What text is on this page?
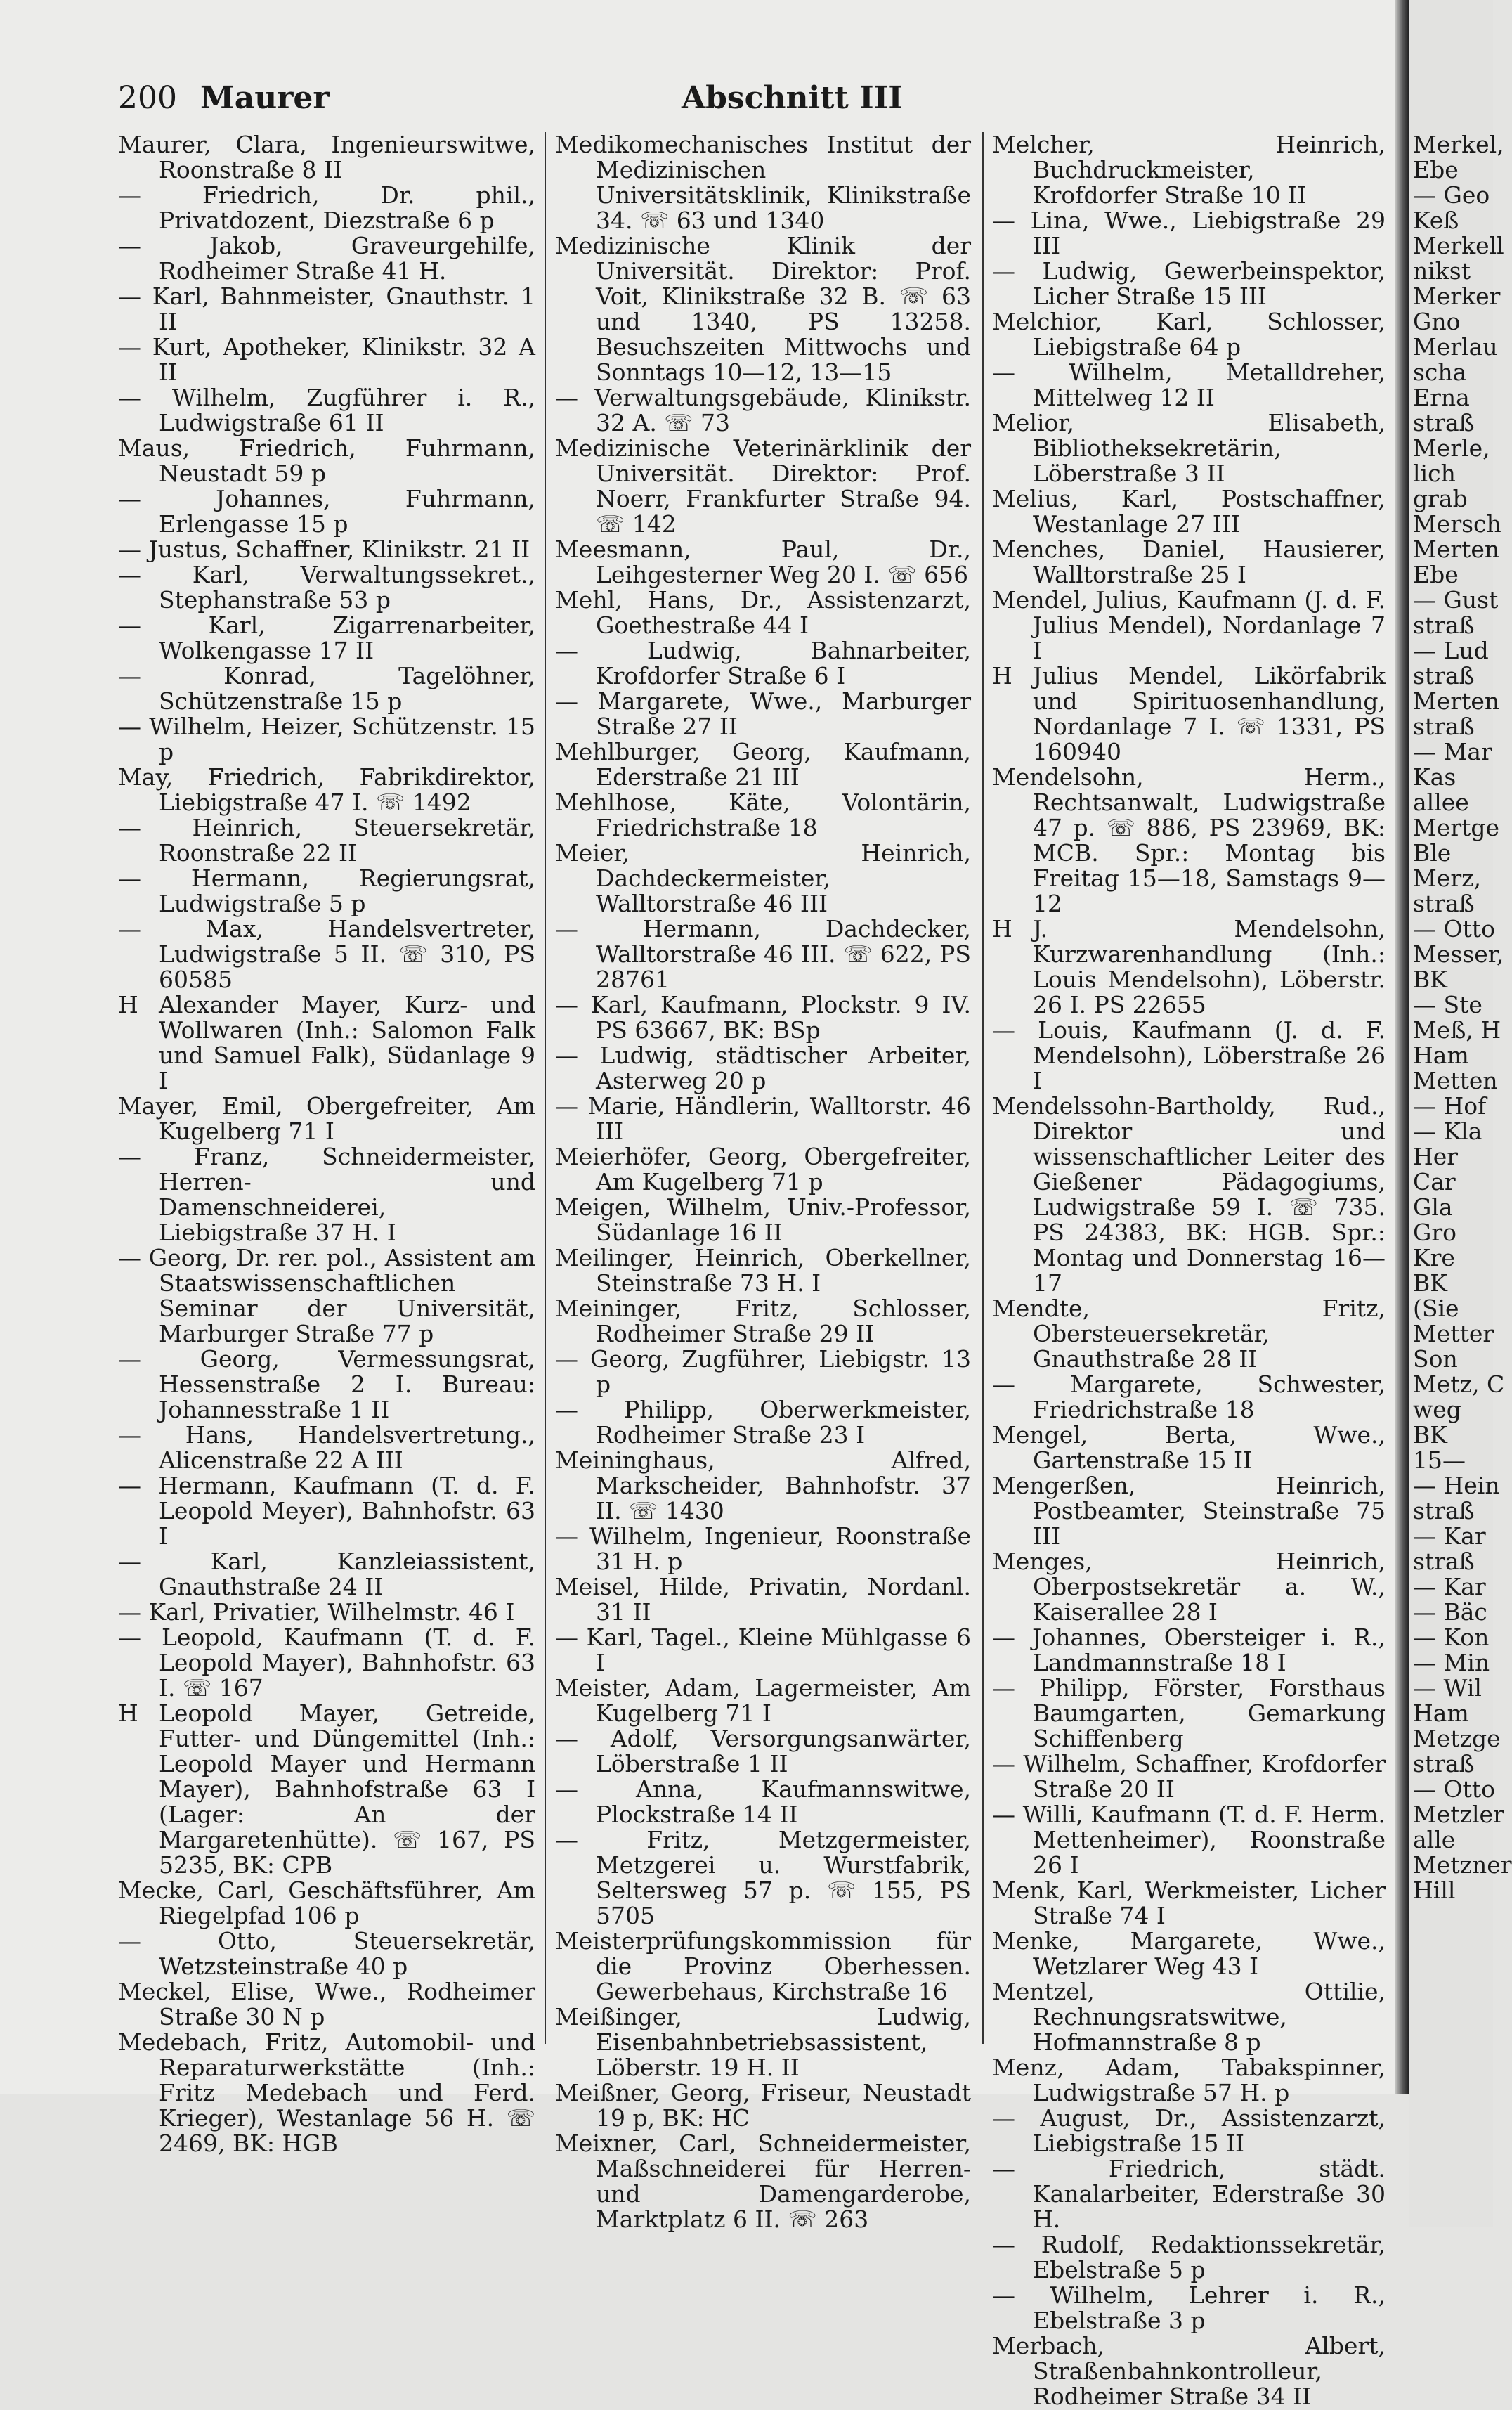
200 Maurer	Abschnitt III
Maurer, Clara, Ingenieurswitwe, Roonstraße 8 II
— Friedrich, Dr. phil., Privatdozent, Diezstraße 6 p
— Jakob, Graveurgehilfe, Rodheimer Straße 41 H.
— Karl, Bahnmeister, Gnauthstr. 1 II
— Kurt, Apotheker, Klinikstr. 32 A II
— Wilhelm, Zugführer i. R., Ludwigstraße 61 II
Maus, Friedrich, Fuhrmann, Neustadt 59 p
— Johannes, Fuhrmann, Erlengasse 15 p
— Justus, Schaffner, Klinikstr. 21 II
— Karl, Verwaltungssekret., Stephanstraße 53 p
— Karl, Zigarrenarbeiter, Wolkengasse 17 II
— Konrad, Tagelöhner, Schützenstraße 15 p
— Wilhelm, Heizer, Schützenstr. 15 p
May, Friedrich, Fabrikdirektor, Liebigstraße 47 I. ☏ 1492
— Heinrich, Steuersekretär, Roonstraße 22 II
— Hermann, Regierungsrat, Ludwigstraße 5 p
— Max, Handelsvertreter, Ludwigstraße 5 II. ☏ 310, PS 60585
H Alexander Mayer, Kurz- und Wollwaren (Inh.: Salomon Falk und Samuel Falk), Südanlage 9 I
Mayer, Emil, Obergefreiter, Am Kugelberg 71 I
— Franz, Schneidermeister, Herren- und Damenschneiderei, Liebigstraße 37 H. I
— Georg, Dr. rer. pol., Assistent am Staatswissenschaftlichen Seminar der Universität, Marburger Straße 77 p
— Georg, Vermessungsrat, Hessenstraße 2 I. Bureau: Johannesstraße 1 II
— Hans, Handelsvertretung., Alicenstraße 22 A III
— Hermann, Kaufmann (T. d. F. Leopold Meyer), Bahnhofstr. 63 I
— Karl, Kanzleiassistent, Gnauthstraße 24 II
— Karl, Privatier, Wilhelmstr. 46 I
— Leopold, Kaufmann (T. d. F. Leopold Mayer), Bahnhofstr. 63 I. ☏ 167
H Leopold Mayer, Getreide, Futter- und Düngemittel (Inh.: Leopold Mayer und Hermann Mayer), Bahnhofstraße 63 I (Lager: An der Margaretenhütte). ☏ 167, PS 5235, BK: CPB
Mecke, Carl, Geschäftsführer, Am Riegelpfad 106 p
— Otto, Steuersekretär, Wetzsteinstraße 40 p
Meckel, Elise, Wwe., Rodheimer Straße 30 N p
Medebach, Fritz, Automobil- und Reparaturwerkstätte (Inh.: Fritz Medebach und Ferd. Krieger), Westanlage 56 H. ☏ 2469, BK: HGB
Medikomechanisches Institut der Medizinischen Universitätsklinik, Klinikstraße 34. ☏ 63 und 1340
Medizinische Klinik der Universität. Direktor: Prof. Voit, Klinikstraße 32 B. ☏ 63 und 1340, PS 13258. Besuchszeiten Mittwochs und Sonntags 10—12, 13—15
— Verwaltungsgebäude, Klinikstr. 32 A. ☏ 73
Medizinische Veterinärklinik der Universität. Direktor: Prof. Noerr, Frankfurter Straße 94. ☏ 142
Meesmann, Paul, Dr., Leihgesterner Weg 20 I. ☏ 656
Mehl, Hans, Dr., Assistenzarzt, Goethestraße 44 I
— Ludwig, Bahnarbeiter, Krofdorfer Straße 6 I
— Margarete, Wwe., Marburger Straße 27 II
Mehlburger, Georg, Kaufmann, Ederstraße 21 III
Mehlhose, Käte, Volontärin, Friedrichstraße 18
Meier, Heinrich, Dachdeckermeister, Walltorstraße 46 III
— Hermann, Dachdecker, Walltorstraße 46 III. ☏ 622, PS 28761
— Karl, Kaufmann, Plockstr. 9 IV. PS 63667, BK: BSp
— Ludwig, städtischer Arbeiter, Asterweg 20 p
— Marie, Händlerin, Walltorstr. 46 III
Meierhöfer, Georg, Obergefreiter, Am Kugelberg 71 p
Meigen, Wilhelm, Univ.-Professor, Südanlage 16 II
Meilinger, Heinrich, Oberkellner, Steinstraße 73 H. I
Meininger, Fritz, Schlosser, Rodheimer Straße 29 II
— Georg, Zugführer, Liebigstr. 13 p
— Philipp, Oberwerkmeister, Rodheimer Straße 23 I
Meininghaus, Alfred, Markscheider, Bahnhofstr. 37 II. ☏ 1430
— Wilhelm, Ingenieur, Roonstraße 31 H. p
Meisel, Hilde, Privatin, Nordanl. 31 II
— Karl, Tagel., Kleine Mühlgasse 6 I
Meister, Adam, Lagermeister, Am Kugelberg 71 I
— Adolf, Versorgungsanwärter, Löberstraße 1 II
— Anna, Kaufmannswitwe, Plockstraße 14 II
— Fritz, Metzgermeister, Metzgerei u. Wurstfabrik, Seltersweg 57 p. ☏ 155, PS 5705
Meisterprüfungskommission für die Provinz Oberhessen. Gewerbehaus, Kirchstraße 16
Meißinger, Ludwig, Eisenbahnbetriebsassistent, Löberstr. 19 H. II
Meißner, Georg, Friseur, Neustadt 19 p, BK: HC
Meixner, Carl, Schneidermeister, Maßschneiderei für Herren- und Damengarderobe, Marktplatz 6 II. ☏ 263
Melcher, Heinrich, Buchdruckmeister, Krofdorfer Straße 10 II
— Lina, Wwe., Liebigstraße 29 III
— Ludwig, Gewerbeinspektor, Licher Straße 15 III
Melchior, Karl, Schlosser, Liebigstraße 64 p
— Wilhelm, Metalldreher, Mittelweg 12 II
Melior, Elisabeth, Bibliotheksekretärin, Löberstraße 3 II
Melius, Karl, Postschaffner, Westanlage 27 III
Menches, Daniel, Hausierer, Walltorstraße 25 I
Mendel, Julius, Kaufmann (J. d. F. Julius Mendel), Nordanlage 7 I
H Julius Mendel, Likörfabrik und Spirituosenhandlung, Nordanlage 7 I. ☏ 1331, PS 160940
Mendelsohn, Herm., Rechtsanwalt, Ludwigstraße 47 p. ☏ 886, PS 23969, BK: MCB. Spr.: Montag bis Freitag 15—18, Samstags 9—12
H J. Mendelsohn, Kurzwarenhandlung (Inh.: Louis Mendelsohn), Löberstr. 26 I. PS 22655
— Louis, Kaufmann (J. d. F. Mendelsohn), Löberstraße 26 I
Mendelssohn-Bartholdy, Rud., Direktor und wissenschaftlicher Leiter des Gießener Pädagogiums, Ludwigstraße 59 I. ☏ 735. PS 24383, BK: HGB. Spr.: Montag und Donnerstag 16—17
Mendte, Fritz, Obersteuersekretär, Gnauthstraße 28 II
— Margarete, Schwester, Friedrichstraße 18
Mengel, Berta, Wwe., Gartenstraße 15 II
Mengerßen, Heinrich, Postbeamter, Steinstraße 75 III
Menges, Heinrich, Oberpostsekretär a. W., Kaiserallee 28 I
— Johannes, Obersteiger i. R., Landmannstraße 18 I
— Philipp, Förster, Forsthaus Baumgarten, Gemarkung Schiffenberg
— Wilhelm, Schaffner, Krofdorfer Straße 20 II
— Willi, Kaufmann (T. d. F. Herm. Mettenheimer), Roonstraße 26 I
Menk, Karl, Werkmeister, Licher Straße 74 I
Menke, Margarete, Wwe., Wetzlarer Weg 43 I
Mentzel, Ottilie, Rechnungsratswitwe, Hofmannstraße 8 p
Menz, Adam, Tabakspinner, Ludwigstraße 57 H. p
— August, Dr., Assistenzarzt, Liebigstraße 15 II
— Friedrich, städt. Kanalarbeiter, Ederstraße 30 H.
— Rudolf, Redaktionssekretär, Ebelstraße 5 p
— Wilhelm, Lehrer i. R., Ebelstraße 3 p
Merbach, Albert, Straßenbahnkontrolleur, Rodheimer Straße 34 II
Merkel,
Ebe
— Geo
Keß
Merkell
nikst
Merker
Gno
Merlau
scha
Erna
straß
Merle,
lich
grab
Mersch
Merten
Ebe
— Gust
straß
— Lud
straß
Merten
straß
— Mar
Kas
allee
Mertge
Ble
Merz,
straß
— Otto
Messer,
BK
— Ste
Meß, H
Ham
Metten
— Hof
— Kla
Her
Car
Gla
Gro
Kre
BK
(Sie
Metter
Son
Metz, C
weg
BK
15—
— Hein
straß
— Kar
straß
— Kar
— Bäc
— Kon
— Min
— Wil
Ham
Metzge
straß
— Otto
Metzler
alle
Metzner
Hill
